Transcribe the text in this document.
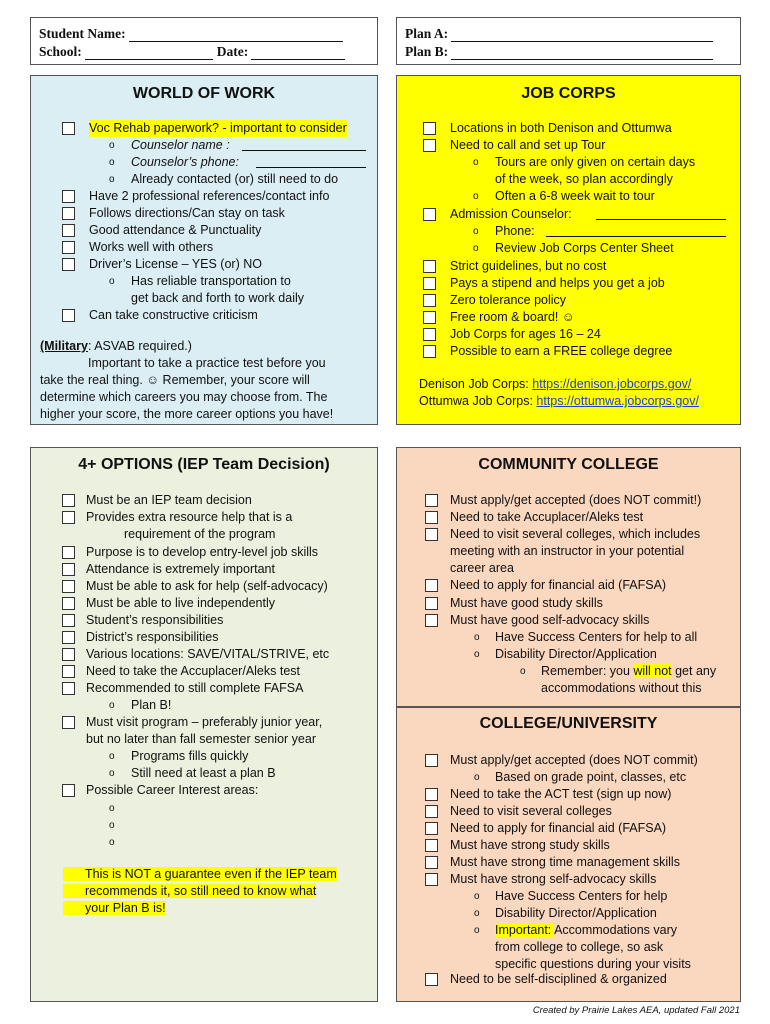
Student Name:
School:	Date:
Plan A:
Plan B:
WORLD OF WORK
Voc Rehab paperwork? - important to consider
o Counselor name :
o Counselor’s phone:
o Already contacted (or) still need to do
Have 2 professional references/contact info
Follows directions/Can stay on task
Good attendance & Punctuality
Works well with others
Driver’s License – YES (or) NO
o Has reliable transportation to
get back and forth to work daily
Can take constructive criticism
(Military: ASVAB required.)
Important to take a practice test before you
take the real thing. ☺ Remember, your score will
determine which careers you may choose from. The
higher your score, the more career options you have!
JOB CORPS
Locations in both Denison and Ottumwa
Need to call and set up Tour
o Tours are only given on certain days
of the week, so plan accordingly
o Often a 6-8 week wait to tour
Admission Counselor:
o Phone:
o Review Job Corps Center Sheet
Strict guidelines, but no cost
Pays a stipend and helps you get a job
Zero tolerance policy
Free room & board! ☺
Job Corps for ages 16 – 24
Possible to earn a FREE college degree
Denison Job Corps: https://denison.jobcorps.gov/
Ottumwa Job Corps: https://ottumwa.jobcorps.gov/
4+ OPTIONS (IEP Team Decision)
Must be an IEP team decision
Provides extra resource help that is a
requirement of the program
Purpose is to develop entry-level job skills
Attendance is extremely important
Must be able to ask for help (self-advocacy)
Must be able to live independently
Student’s responsibilities
District’s responsibilities
Various locations: SAVE/VITAL/STRIVE, etc
Need to take the Accuplacer/Aleks test
Recommended to still complete FAFSA
o Plan B!
Must visit program – preferably junior year,
but no later than fall semester senior year
o Programs fills quickly
o Still need at least a plan B
Possible Career Interest areas:
o
o
o
This is NOT a guarantee even if the IEP team
recommends it, so still need to know what
your Plan B is!
COMMUNITY COLLEGE
Must apply/get accepted (does NOT commit!)
Need to take Accuplacer/Aleks test
Need to visit several colleges, which includes
meeting with an instructor in your potential
career area
Need to apply for financial aid (FAFSA)
Must have good study skills
Must have good self-advocacy skills
o Have Success Centers for help to all
o Disability Director/Application
o Remember: you will not get any
accommodations without this
COLLEGE/UNIVERSITY
Must apply/get accepted (does NOT commit)
o Based on grade point, classes, etc
Need to take the ACT test (sign up now)
Need to visit several colleges
Need to apply for financial aid (FAFSA)
Must have strong study skills
Must have strong time management skills
Must have strong self-advocacy skills
o Have Success Centers for help
o Disability Director/Application
o Important: Accommodations vary
from college to college, so ask
specific questions during your visits
Need to be self-disciplined & organized
Created by Prairie Lakes AEA, updated Fall 2021
